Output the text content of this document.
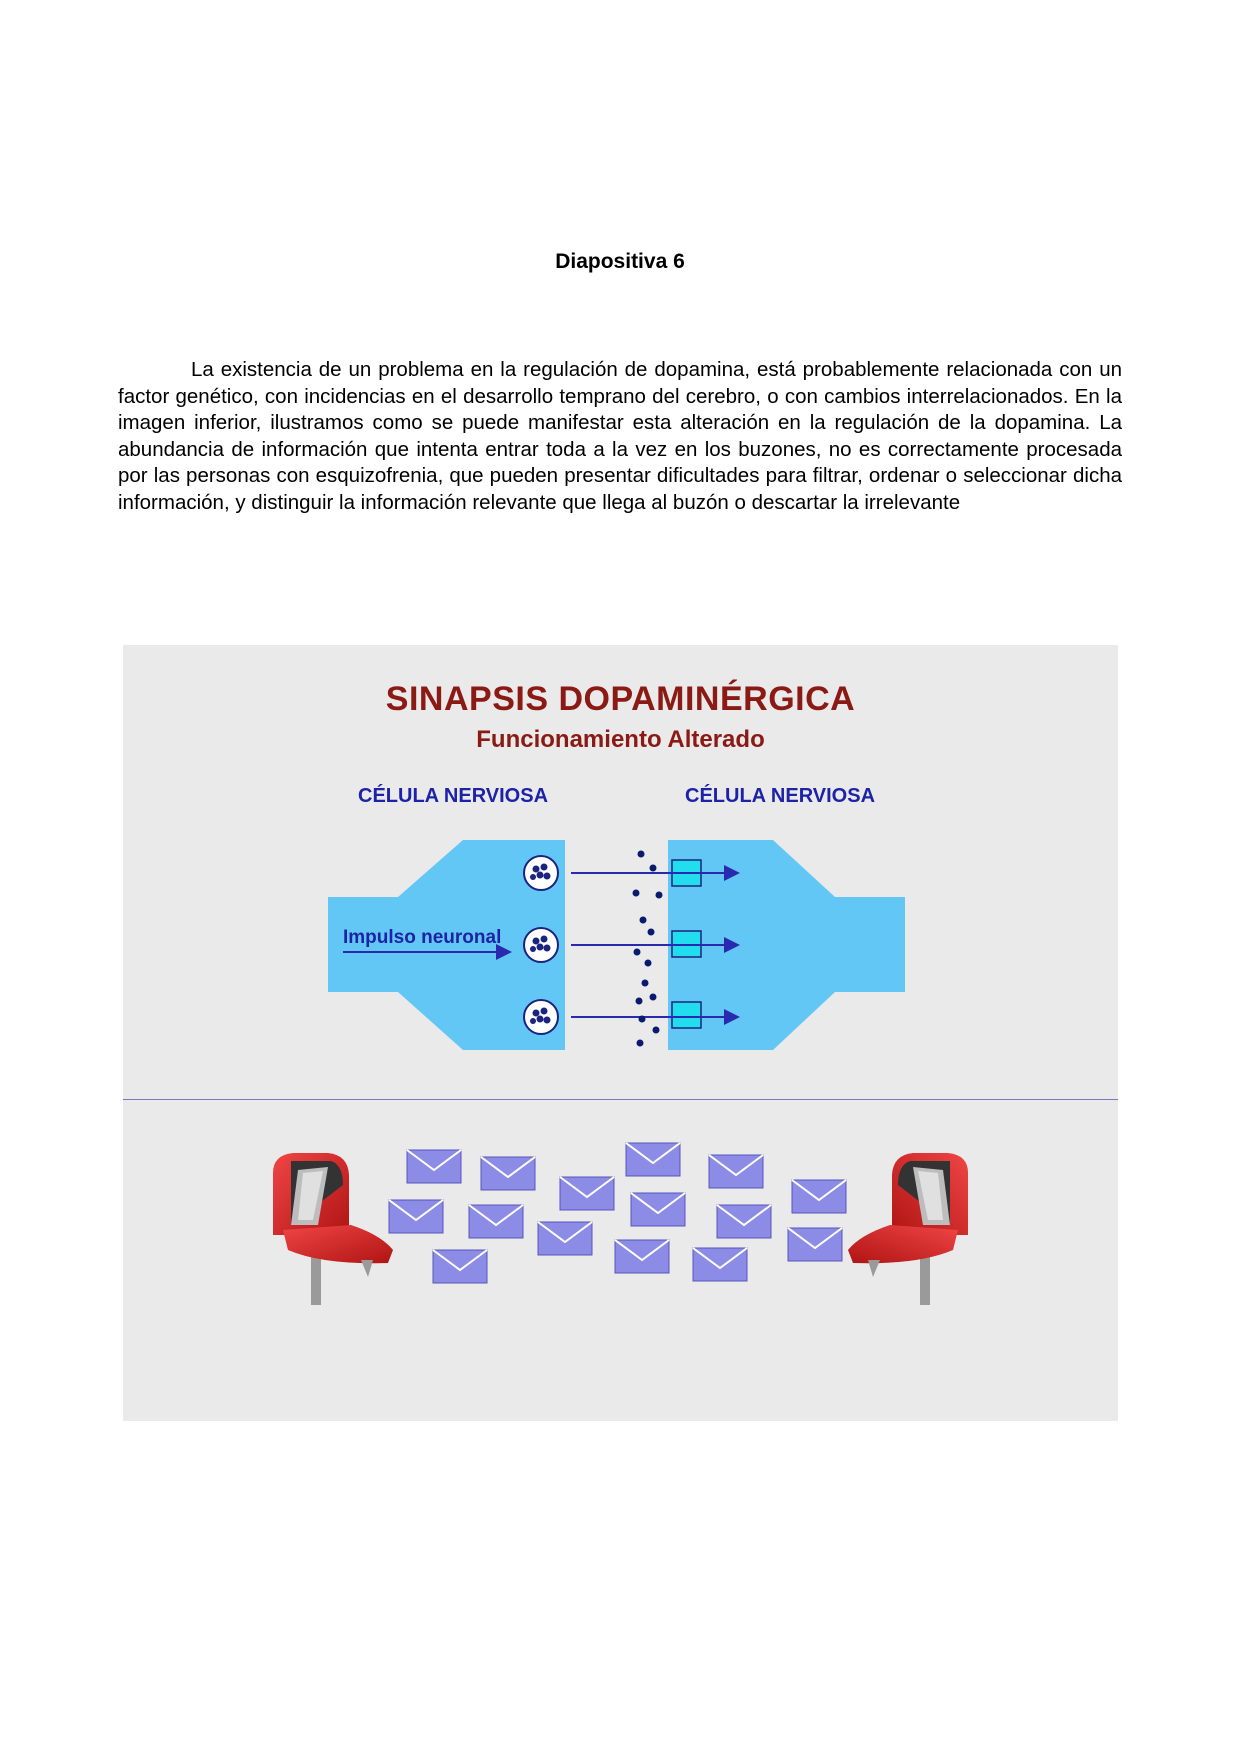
Diapositiva 6

La existencia de un problema en la regulación de dopamina, está probablemente relacionada con un factor genético, con incidencias en el desarrollo temprano del cerebro, o con cambios interrelacionados. En la imagen inferior, ilustramos como se puede manifestar esta alteración en la regulación de la dopamina. La abundancia de información que intenta entrar toda a la vez en los buzones, no es correctamente procesada por las personas con esquizofrenia, que pueden presentar dificultades para filtrar, ordenar o seleccionar dicha información, y distinguir la información relevante que llega al buzón o descartar la irrelevante

SINAPSIS DOPAMINÉRGICA
Funcionamiento Alterado
CÉLULA NERVIOSA	CÉLULA NERVIOSA
Impulso neuronal
